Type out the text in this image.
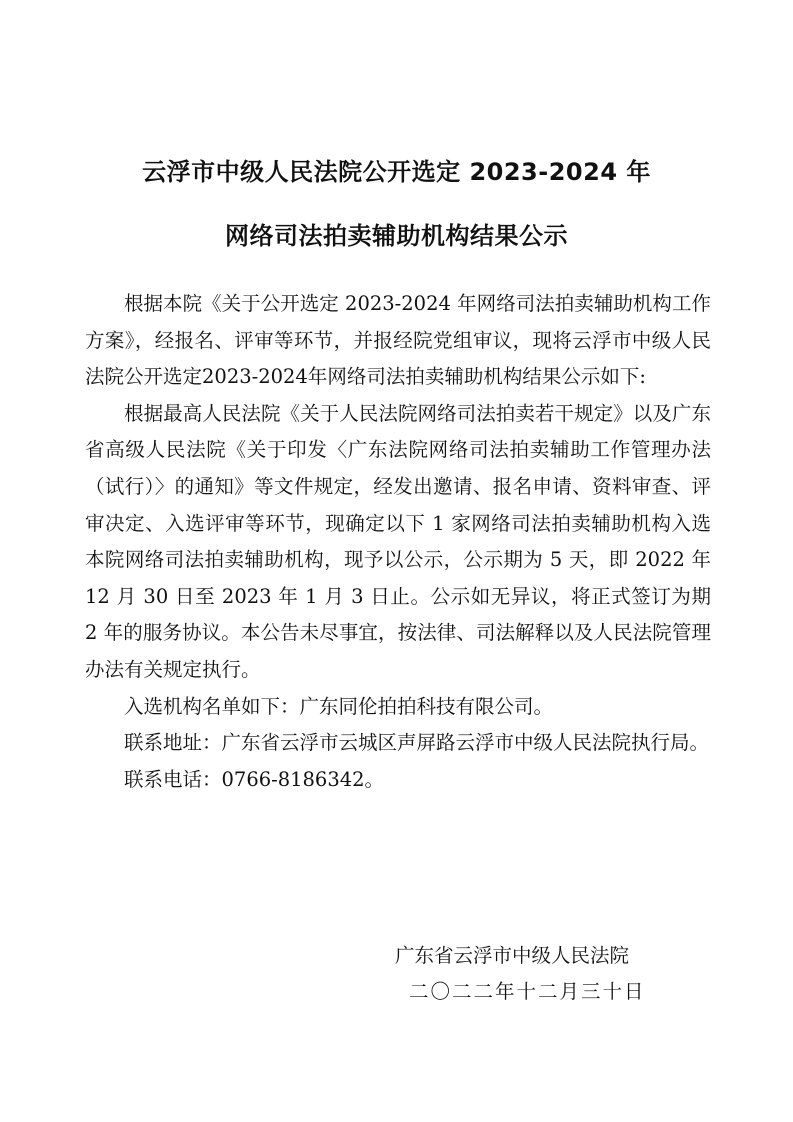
云浮市中级人民法院公开选定 2023-2024 年
网络司法拍卖辅助机构结果公示

根据本院《关于公开选定 2023-2024 年网络司法拍卖辅助机构工作方案》，经报名、评审等环节，并报经院党组审议，现将云浮市中级人民法院公开选定2023-2024年网络司法拍卖辅助机构结果公示如下:

根据最高人民法院《关于人民法院网络司法拍卖若干规定》以及广东省高级人民法院《关于印发〈广东法院网络司法拍卖辅助工作管理办法（试行）〉的通知》等文件规定，经发出邀请、报名申请、资料审查、评审决定、入选评审等环节，现确定以下 1 家网络司法拍卖辅助机构入选本院网络司法拍卖辅助机构，现予以公示，公示期为 5 天，即 2022 年 12 月 30 日至 2023 年 1 月 3 日止。公示如无异议，将正式签订为期 2 年的服务协议。本公告未尽事宜，按法律、司法解释以及人民法院管理办法有关规定执行。

入选机构名单如下：广东同伦拍拍科技有限公司。

联系地址：广东省云浮市云城区声屏路云浮市中级人民法院执行局。

联系电话：0766-8186342。

广东省云浮市中级人民法院
二〇二二年十二月三十日
